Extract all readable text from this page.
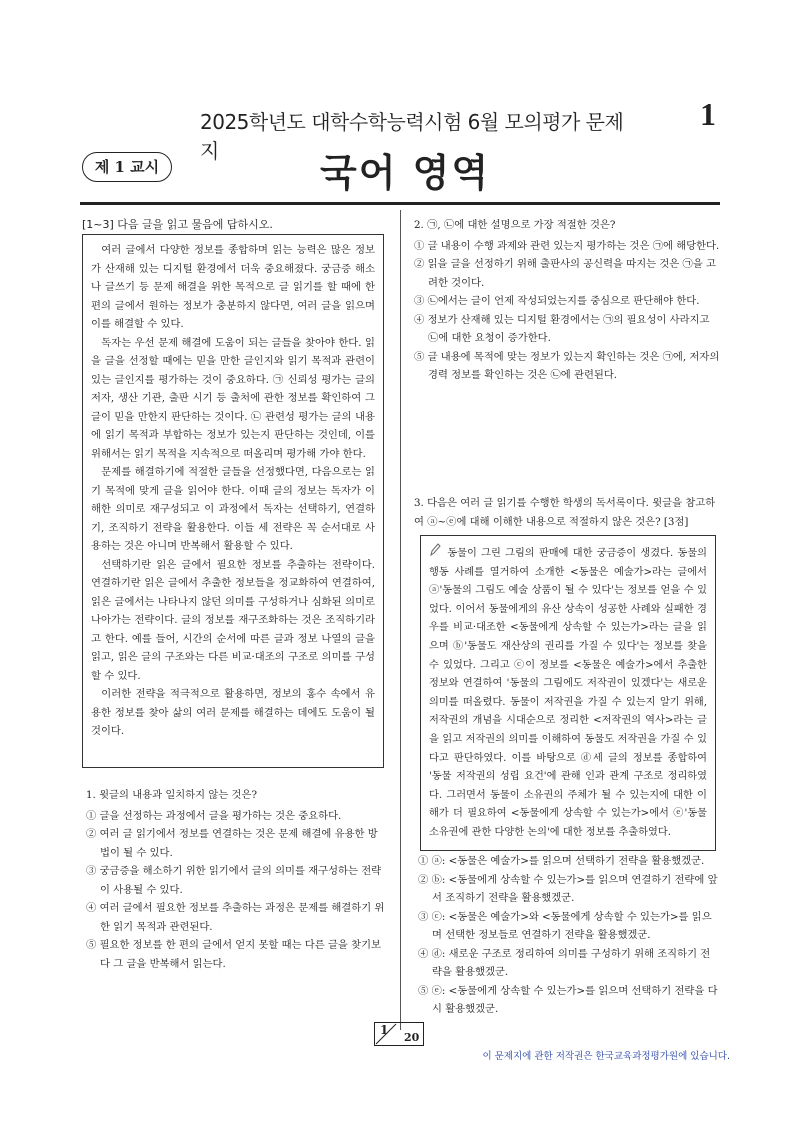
2025학년도 대학수학능력시험 6월 모의평가 문제지
1
제 1 교시	국어 영역
[1~3] 다음 글을 읽고 물음에 답하시오.

여러 글에서 다양한 정보를 종합하며 읽는 능력은 많은 정보가 산재해 있는 디지털 환경에서 더욱 중요해졌다. 궁금증 해소나 글쓰기 등 문제 해결을 위한 목적으로 글 읽기를 할 때에 한 편의 글에서 원하는 정보가 충분하지 않다면, 여러 글을 읽으며 이를 해결할 수 있다.

독자는 우선 문제 해결에 도움이 되는 글들을 찾아야 한다. 읽을 글을 선정할 때에는 믿을 만한 글인지와 읽기 목적과 관련이 있는 글인지를 평가하는 것이 중요하다. ㉠ 신뢰성 평가는 글의 저자, 생산 기관, 출판 시기 등 출처에 관한 정보를 확인하여 그 글이 믿을 만한지 판단하는 것이다. ㉡ 관련성 평가는 글의 내용에 읽기 목적과 부합하는 정보가 있는지 판단하는 것인데, 이를 위해서는 읽기 목적을 지속적으로 떠올리며 평가해 가야 한다.

문제를 해결하기에 적절한 글들을 선정했다면, 다음으로는 읽기 목적에 맞게 글을 읽어야 한다. 이때 글의 정보는 독자가 이해한 의미로 재구성되고 이 과정에서 독자는 선택하기, 연결하기, 조직하기 전략을 활용한다. 이들 세 전략은 꼭 순서대로 사용하는 것은 아니며 반복해서 활용할 수 있다.

선택하기란 읽은 글에서 필요한 정보를 추출하는 전략이다. 연결하기란 읽은 글에서 추출한 정보들을 정교화하여 연결하여, 읽은 글에서는 나타나지 않던 의미를 구성하거나 심화된 의미로 나아가는 전략이다. 글의 정보를 재구조화하는 것은 조직하기라고 한다. 예를 들어, 시간의 순서에 따른 글과 정보 나열의 글을 읽고, 읽은 글의 구조와는 다른 비교·대조의 구조로 의미를 구성할 수 있다.

이러한 전략을 적극적으로 활용하면, 정보의 홍수 속에서 유용한 정보를 찾아 삶의 여러 문제를 해결하는 데에도 도움이 될 것이다.

1. 윗글의 내용과 일치하지 않는 것은?

① 글을 선정하는 과정에서 글을 평가하는 것은 중요하다.
② 여러 글 읽기에서 정보를 연결하는 것은 문제 해결에 유용한 방법이 될 수 있다.
③ 궁금증을 해소하기 위한 읽기에서 글의 의미를 재구성하는 전략이 사용될 수 있다.
④ 여러 글에서 필요한 정보를 추출하는 과정은 문제를 해결하기 위한 읽기 목적과 관련된다.
⑤ 필요한 정보를 한 편의 글에서 얻지 못할 때는 다른 글을 찾기보다 그 글을 반복해서 읽는다.

2. ㉠, ㉡에 대한 설명으로 가장 적절한 것은?

① 글 내용이 수행 과제와 관련 있는지 평가하는 것은 ㉠에 해당한다.
② 읽을 글을 선정하기 위해 출판사의 공신력을 따지는 것은 ㉠을 고려한 것이다.
③ ㉡에서는 글이 언제 작성되었는지를 중심으로 판단해야 한다.
④ 정보가 산재해 있는 디지털 환경에서는 ㉠의 필요성이 사라지고 ㉡에 대한 요청이 증가한다.
⑤ 글 내용에 목적에 맞는 정보가 있는지 확인하는 것은 ㉠에, 저자의 경력 정보를 확인하는 것은 ㉡에 관련된다.

3. 다음은 여러 글 읽기를 수행한 학생의 독서록이다. 윗글을 참고하여 ⓐ~ⓔ에 대해 이해한 내용으로 적절하지 않은 것은? [3점]

동물이 그린 그림의 판매에 대한 궁금증이 생겼다. 동물의 행동 사례를 열거하여 소개한 <동물은 예술가>라는 글에서 ⓐ'동물의 그림도 예술 상품이 될 수 있다'는 정보를 얻을 수 있었다. 이어서 동물에게의 유산 상속이 성공한 사례와 실패한 경우를 비교·대조한 <동물에게 상속할 수 있는가>라는 글을 읽으며 ⓑ'동물도 재산상의 권리를 가질 수 있다'는 정보를 찾을 수 있었다. 그리고 ⓒ이 정보를 <동물은 예술가>에서 추출한 정보와 연결하여 '동물의 그림에도 저작권이 있겠다'는 새로운 의미를 떠올렸다. 동물이 저작권을 가질 수 있는지 알기 위해, 저작권의 개념을 시대순으로 정리한 <저작권의 역사>라는 글을 읽고 저작권의 의미를 이해하여 동물도 저작권을 가질 수 있다고 판단하였다. 이를 바탕으로 ⓓ세 글의 정보를 종합하여 '동물 저작권의 성립 요건'에 관해 인과 관계 구조로 정리하였다. 그러면서 동물이 소유권의 주체가 될 수 있는지에 대한 이해가 더 필요하여 <동물에게 상속할 수 있는가>에서 ⓔ'동물 소유권에 관한 다양한 논의'에 대한 정보를 추출하였다.
① ⓐ: <동물은 예술가>를 읽으며 선택하기 전략을 활용했겠군.
② ⓑ: <동물에게 상속할 수 있는가>를 읽으며 연결하기 전략에 앞서 조직하기 전략을 활용했겠군.
③ ⓒ: <동물은 예술가>와 <동물에게 상속할 수 있는가>를 읽으며 선택한 정보들로 연결하기 전략을 활용했겠군.
④ ⓓ: 새로운 구조로 정리하여 의미를 구성하기 위해 조직하기 전략을 활용했겠군.
⑤ ⓔ: <동물에게 상속할 수 있는가>를 읽으며 선택하기 전략을 다시 활용했겠군.
1
20
이 문제지에 관한 저작권은 한국교육과정평가원에 있습니다.
